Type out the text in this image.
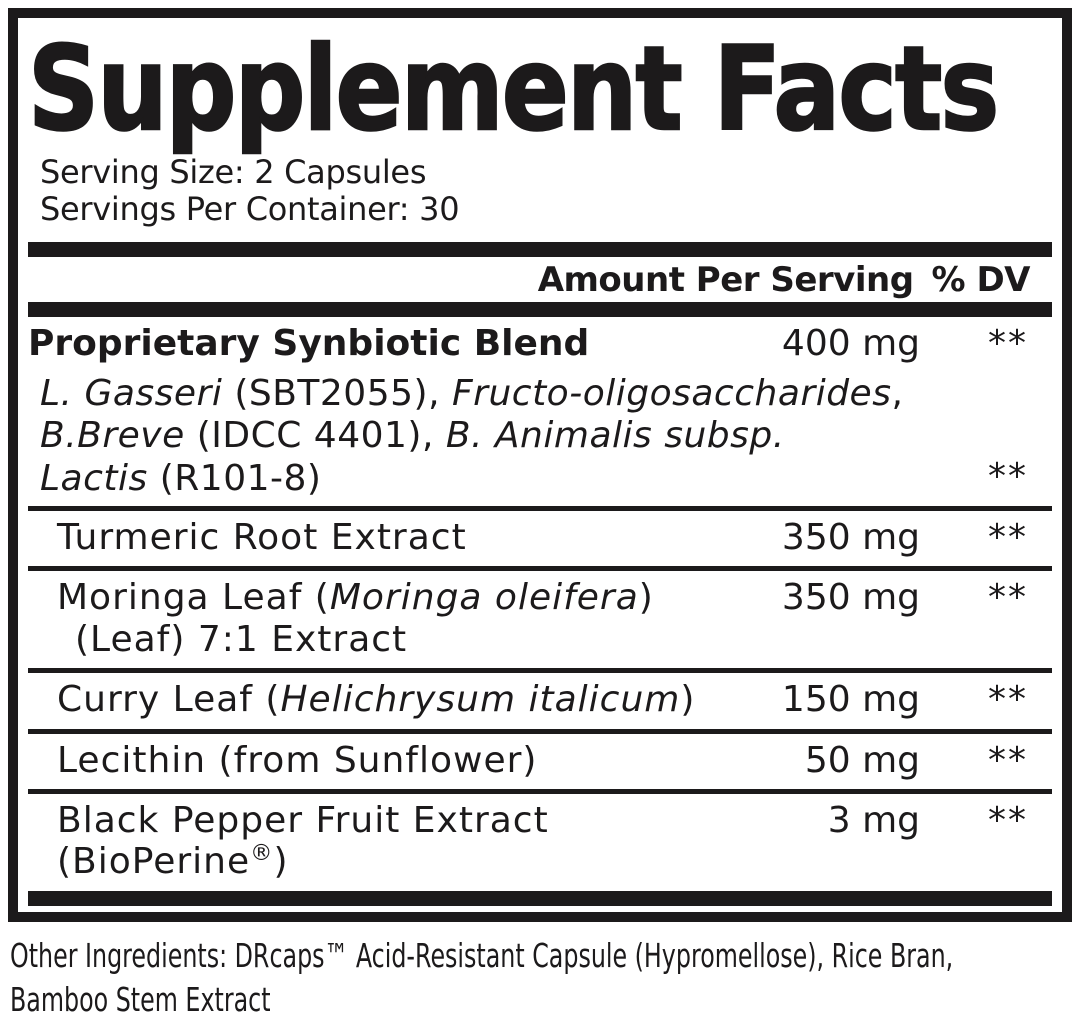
Supplement Facts
Serving Size: 2 Capsules
Servings Per Container: 30
Amount Per Serving % DV
Proprietary Synbiotic Blend	400 mg	**
L. Gasseri (SBT2055), Fructo-oligosaccharides,
B.Breve (IDCC 4401), B. Animalis subsp.
Lactis (R101-8)	**
Turmeric Root Extract	350 mg	**
Moringa Leaf (Moringa oleifera)
(Leaf) 7:1 Extract
350 mg	**
Curry Leaf (Helichrysum italicum)	150 mg	**
Lecithin (from Sunflower)	50 mg	**
Black Pepper Fruit Extract (BioPerine®)
3 mg	**
Other Ingredients: DRcaps™ Acid-Resistant Capsule (Hypromellose), Rice Bran,
Bamboo Stem Extract
